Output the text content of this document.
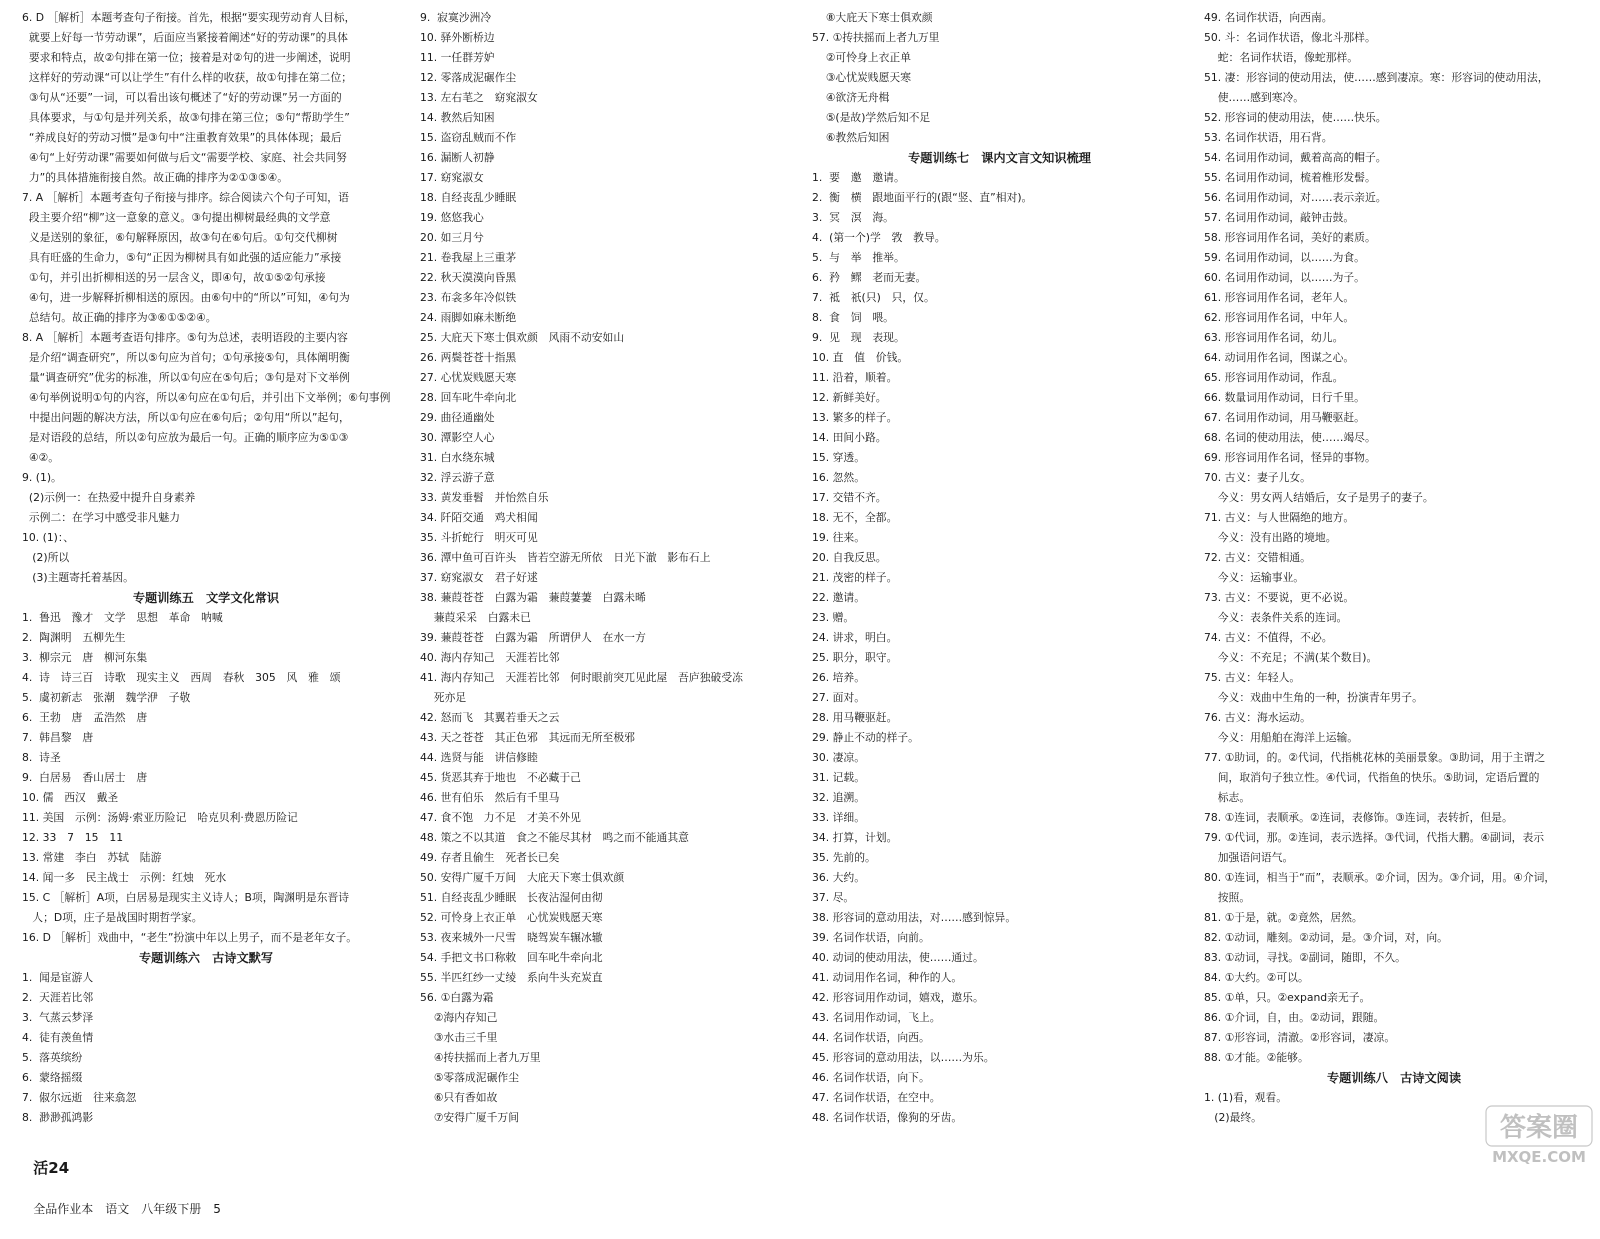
6. D ［解析］本题考查句子衔接。首先，根据“要实现劳动育人目标，
就要上好每一节劳动课”，后面应当紧接着阐述“好的劳动课”的具体
要求和特点，故②句排在第一位；接着是对②句的进一步阐述，说明
这样好的劳动课“可以让学生”有什么样的收获，故①句排在第二位；
③句从“还要”一词，可以看出该句概述了“好的劳动课”另一方面的
具体要求，与①句是并列关系，故③句排在第三位；⑤句“帮助学生”
“养成良好的劳动习惯”是③句中“注重教育效果”的具体体现；最后
④句“上好劳动课”需要如何做与后文“需要学校、家庭、社会共同努
力”的具体措施衔接自然。故正确的排序为②①③⑤④。
7. A ［解析］本题考查句子衔接与排序。综合阅读六个句子可知，语
段主要介绍“柳”这一意象的意义。③句提出柳树最经典的文学意
义是送别的象征，⑥句解释原因，故③句在⑥句后。①句交代柳树
具有旺盛的生命力，⑤句“正因为柳树具有如此强的适应能力”承接
①句，并引出折柳相送的另一层含义，即④句，故①⑤②句承接
④句，进一步解释折柳相送的原因。由⑥句中的“所以”可知，④句为
总结句。故正确的排序为③⑥①⑤②④。
8. A ［解析］本题考查语句排序。⑤句为总述，表明语段的主要内容
是介绍“调查研究”，所以⑤句应为首句；①句承接⑤句，具体阐明衡
量“调查研究”优劣的标准，所以①句应在⑤句后；③句是对下文举例
④句举例说明①句的内容，所以④句应在①句后，并引出下文举例；⑥句事例
中提出问题的解决方法，所以①句应在⑥句后；②句用“所以”起句，
是对语段的总结，所以②句应放为最后一句。正确的顺序应为⑤①③
④②。
9. (1)。
(2)示例一：在热爱中提升自身素养
示例二：在学习中感受非凡魅力
10. (1)：、
(2)所以
(3)主题寄托着基因。
专题训练五　文学文化常识
1.  鲁迅　豫才　文学　思想　革命　呐喊
2.  陶渊明　五柳先生
3.  柳宗元　唐　柳河东集
4.  诗　诗三百　诗歌　现实主义　西周　春秋　305　风　雅　颂
5.  虞初新志　张潮　魏学洢　子敬
6.  王勃　唐　孟浩然　唐
7.  韩昌黎　唐
8.  诗圣
9.  白居易　香山居士　唐
10. 儒　西汉　戴圣
11. 美国　示例：汤姆·索亚历险记　哈克贝利·费恩历险记
12. 33　7　15　11
13. 常建　李白　苏轼　陆游
14. 闻一多　民主战士　示例：红烛　死水
15. C ［解析］A项，白居易是现实主义诗人；B项，陶渊明是东晋诗
人；D项，庄子是战国时期哲学家。
16. D ［解析］戏曲中，“老生”扮演中年以上男子，而不是老年女子。
专题训练六　古诗文默写
1.  闻是宦游人
2.  天涯若比邻
3.  气蒸云梦泽
4.  徒有羡鱼情
5.  落英缤纷
6.  蒙络摇缀
7.  俶尔远逝　往来翕忽
8.  渺渺孤鸿影
9.  寂寞沙洲冷
10. 驿外断桥边
11. 一任群芳妒
12. 零落成泥碾作尘
13. 左右芼之　窈窕淑女
14. 教然后知困
15. 盗窃乱贼而不作
16. 漏断人初静
17. 窈窕淑女
18. 自经丧乱少睡眠
19. 悠悠我心
20. 如三月兮
21. 卷我屋上三重茅
22. 秋天漠漠向昏黑
23. 布衾多年冷似铁
24. 雨脚如麻未断绝
25. 大庇天下寒士俱欢颜　风雨不动安如山
26. 两鬓苍苍十指黑
27. 心忧炭贱愿天寒
28. 回车叱牛牵向北
29. 曲径通幽处
30. 潭影空人心
31. 白水绕东城
32. 浮云游子意
33. 黄发垂髫　并怡然自乐
34. 阡陌交通　鸡犬相闻
35. 斗折蛇行　明灭可见
36. 潭中鱼可百许头　皆若空游无所依　日光下澈　影布石上
37. 窈窕淑女　君子好逑
38. 蒹葭苍苍　白露为霜　蒹葭萋萋　白露未晞
蒹葭采采　白露未已
39. 蒹葭苍苍　白露为霜　所谓伊人　在水一方
40. 海内存知己　天涯若比邻
41. 海内存知己　天涯若比邻　何时眼前突兀见此屋　吾庐独破受冻
死亦足
42. 怒而飞　其翼若垂天之云
43. 天之苍苍　其正色邪　其远而无所至极邪
44. 选贤与能　讲信修睦
45. 货恶其弃于地也　不必藏于己
46. 世有伯乐　然后有千里马
47. 食不饱　力不足　才美不外见
48. 策之不以其道　食之不能尽其材　鸣之而不能通其意
49. 存者且偷生　死者长已矣
50. 安得广厦千万间　大庇天下寒士俱欢颜
51. 自经丧乱少睡眠　长夜沾湿何由彻
52. 可怜身上衣正单　心忧炭贱愿天寒
53. 夜来城外一尺雪　晓驾炭车辗冰辙
54. 手把文书口称敕　回车叱牛牵向北
55. 半匹红纱一丈绫　系向牛头充炭直
56. ①白露为霜
②海内存知己
③水击三千里
④抟扶摇而上者九万里
⑤零落成泥碾作尘
⑥只有香如故
⑦安得广厦千万间
⑧大庇天下寒士俱欢颜
57. ①抟扶摇而上者九万里
②可怜身上衣正单
③心忧炭贱愿天寒
④欲济无舟楫
⑤(是故)学然后知不足
⑥教然后知困
专题训练七　课内文言文知识梳理
1.  要　邀　邀请。
2.  衡　横　跟地面平行的(跟“竖、直”相对)。
3.  冥　溟　海。
4.  (第一个)学　敩　教导。
5.  与　举　推举。
6.  矜　鳏　老而无妻。
7.  祗　祇(只)　只，仅。
8.  食　饲　喂。
9.  见　现　表现。
10. 直　值　价钱。
11. 沿着，顺着。
12. 新鲜美好。
13. 繁多的样子。
14. 田间小路。
15. 穿透。
16. 忽然。
17. 交错不齐。
18. 无不，全都。
19. 往来。
20. 自我反思。
21. 茂密的样子。
22. 邀请。
23. 赠。
24. 讲求，明白。
25. 职分，职守。
26. 培养。
27. 面对。
28. 用马鞭驱赶。
29. 静止不动的样子。
30. 凄凉。
31. 记载。
32. 追溯。
33. 详细。
34. 打算，计划。
35. 先前的。
36. 大约。
37. 尽。
38. 形容词的意动用法，对……感到惊异。
39. 名词作状语，向前。
40. 动词的使动用法，使……通过。
41. 动词用作名词，种作的人。
42. 形容词用作动词，嬉戏，遨乐。
43. 名词用作动词，飞上。
44. 名词作状语，向西。
45. 形容词的意动用法，以……为乐。
46. 名词作状语，向下。
47. 名词作状语，在空中。
48. 名词作状语，像狗的牙齿。
49. 名词作状语，向西南。
50. 斗：名词作状语，像北斗那样。
蛇：名词作状语，像蛇那样。
51. 凄：形容词的使动用法，使……感到凄凉。寒：形容词的使动用法，
使……感到寒冷。
52. 形容词的使动用法，使……快乐。
53. 名词作状语，用石背。
54. 名词用作动词，戴着高高的帽子。
55. 名词用作动词，梳着椎形发髻。
56. 名词用作动词，对……表示亲近。
57. 名词用作动词，敲钟击鼓。
58. 形容词用作名词，美好的素质。
59. 名词用作动词，以……为食。
60. 名词用作动词，以……为子。
61. 形容词用作名词，老年人。
62. 形容词用作名词，中年人。
63. 形容词用作名词，幼儿。
64. 动词用作名词，图谋之心。
65. 形容词用作动词，作乱。
66. 数量词用作动词，日行千里。
67. 名词用作动词，用马鞭驱赶。
68. 名词的使动用法，使……竭尽。
69. 形容词用作名词，怪异的事物。
70. 古义：妻子儿女。
今义：男女两人结婚后，女子是男子的妻子。
71. 古义：与人世隔绝的地方。
今义：没有出路的境地。
72. 古义：交错相通。
今义：运输事业。
73. 古义：不要说，更不必说。
今义：表条件关系的连词。
74. 古义：不值得，不必。
今义：不充足；不满(某个数目)。
75. 古义：年轻人。
今义：戏曲中生角的一种，扮演青年男子。
76. 古义：海水运动。
今义：用船舶在海洋上运输。
77. ①助词，的。②代词，代指桃花林的美丽景象。③助词，用于主谓之
间，取消句子独立性。④代词，代指鱼的快乐。⑤助词，定语后置的
标志。
78. ①连词，表顺承。②连词，表修饰。③连词，表转折，但是。
79. ①代词，那。②连词，表示选择。③代词，代指大鹏。④副词，表示
加强语问语气。
80. ①连词，相当于“而”，表顺承。②介词，因为。③介词，用。④介词，
按照。
81. ①于是，就。②竟然，居然。
82. ①动词，雕刻。②动词，是。③介词，对，向。
83. ①动词，寻找。②副词，随即，不久。
84. ①大约。②可以。
85. ①单，只。②expand亲无子。
86. ①介词，自，由。②动词，跟随。
87. ①形容词，清澈。②形容词，凄凉。
88. ①才能。②能够。
专题训练八　古诗文阅读
1. (1)看，观看。
(2)最终。

活24

全品作业本　语文　八年级下册　5

答案圈
MXQE.COM
